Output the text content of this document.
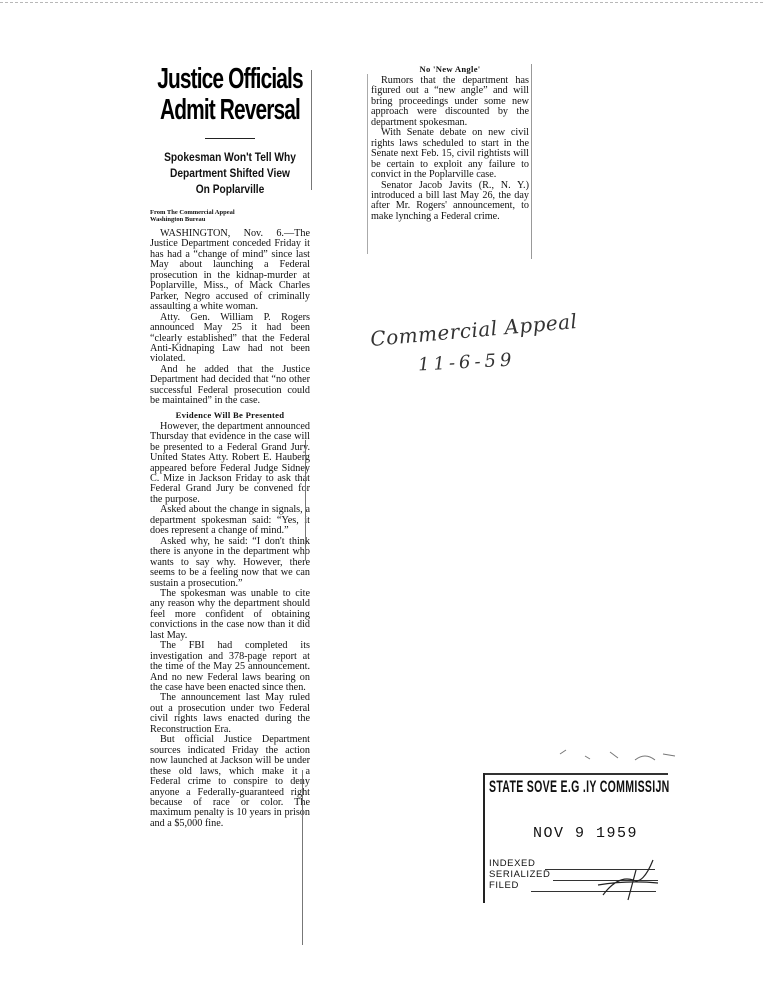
Justice Officials
Admit Reversal
Spokesman Won't Tell Why
Department Shifted View
On Poplarville
From The Commercial Appeal
Washington Bureau

WASHINGTON, Nov. 6.—The Justice Department conceded Friday it has had a “change of mind” since last May about launching a Federal prosecution in the kidnap-murder at Poplarville, Miss., of Mack Charles Parker, Negro accused of criminally assaulting a white woman.

Atty. Gen. William P. Rogers announced May 25 it had been “clearly established” that the Federal Anti-Kidnaping Law had not been violated.

And he added that the Justice Department had decided that “no other successful Federal prosecution could be maintained” in the case.

Evidence Will Be Presented

However, the department announced Thursday that evidence in the case will be presented to a Federal Grand Jury. United States Atty. Robert E. Hauberg appeared before Federal Judge Sidney C. Mize in Jackson Friday to ask that Federal Grand Jury be convened for the purpose.

Asked about the change in signals, a department spokesman said: “Yes, it does represent a change of mind.”

Asked why, he said: “I don't think there is anyone in the department who wants to say why. However, there seems to be a feeling now that we can sustain a prosecution.”

The spokesman was unable to cite any reason why the department should feel more confident of obtaining convictions in the case now than it did last May.

The FBI had completed its investigation and 378-page report at the time of the May 25 announcement. And no new Federal laws bearing on the case have been enacted since then.

The announcement last May ruled out a prosecution under two Federal civil rights laws enacted during the Reconstruction Era.

But official Justice Department sources indicated Friday the action now launched at Jackson will be under these old laws, which make it a Federal crime to conspire to deny anyone a Federally-guaranteed right because of race or color. The maximum penalty is 10 years in prison and a $5,000 fine.

No 'New Angle'

Rumors that the department has figured out a “new angle” and will bring proceedings under some new approach were discounted by the department spokesman.

With Senate debate on new civil rights laws scheduled to start in the Senate next Feb. 15, civil rightists will be certain to exploit any failure to convict in the Poplarville case.

Senator Jacob Javits (R., N. Y.) introduced a bill last May 26, the day after Mr. Rogers' announcement, to make lynching a Federal crime.

Commercial Appeal
11-6-59
STATE SOVE E.G .IY COMMISSIJN
NOV 9 1959
INDEXED
SERIALIZED
FILED
